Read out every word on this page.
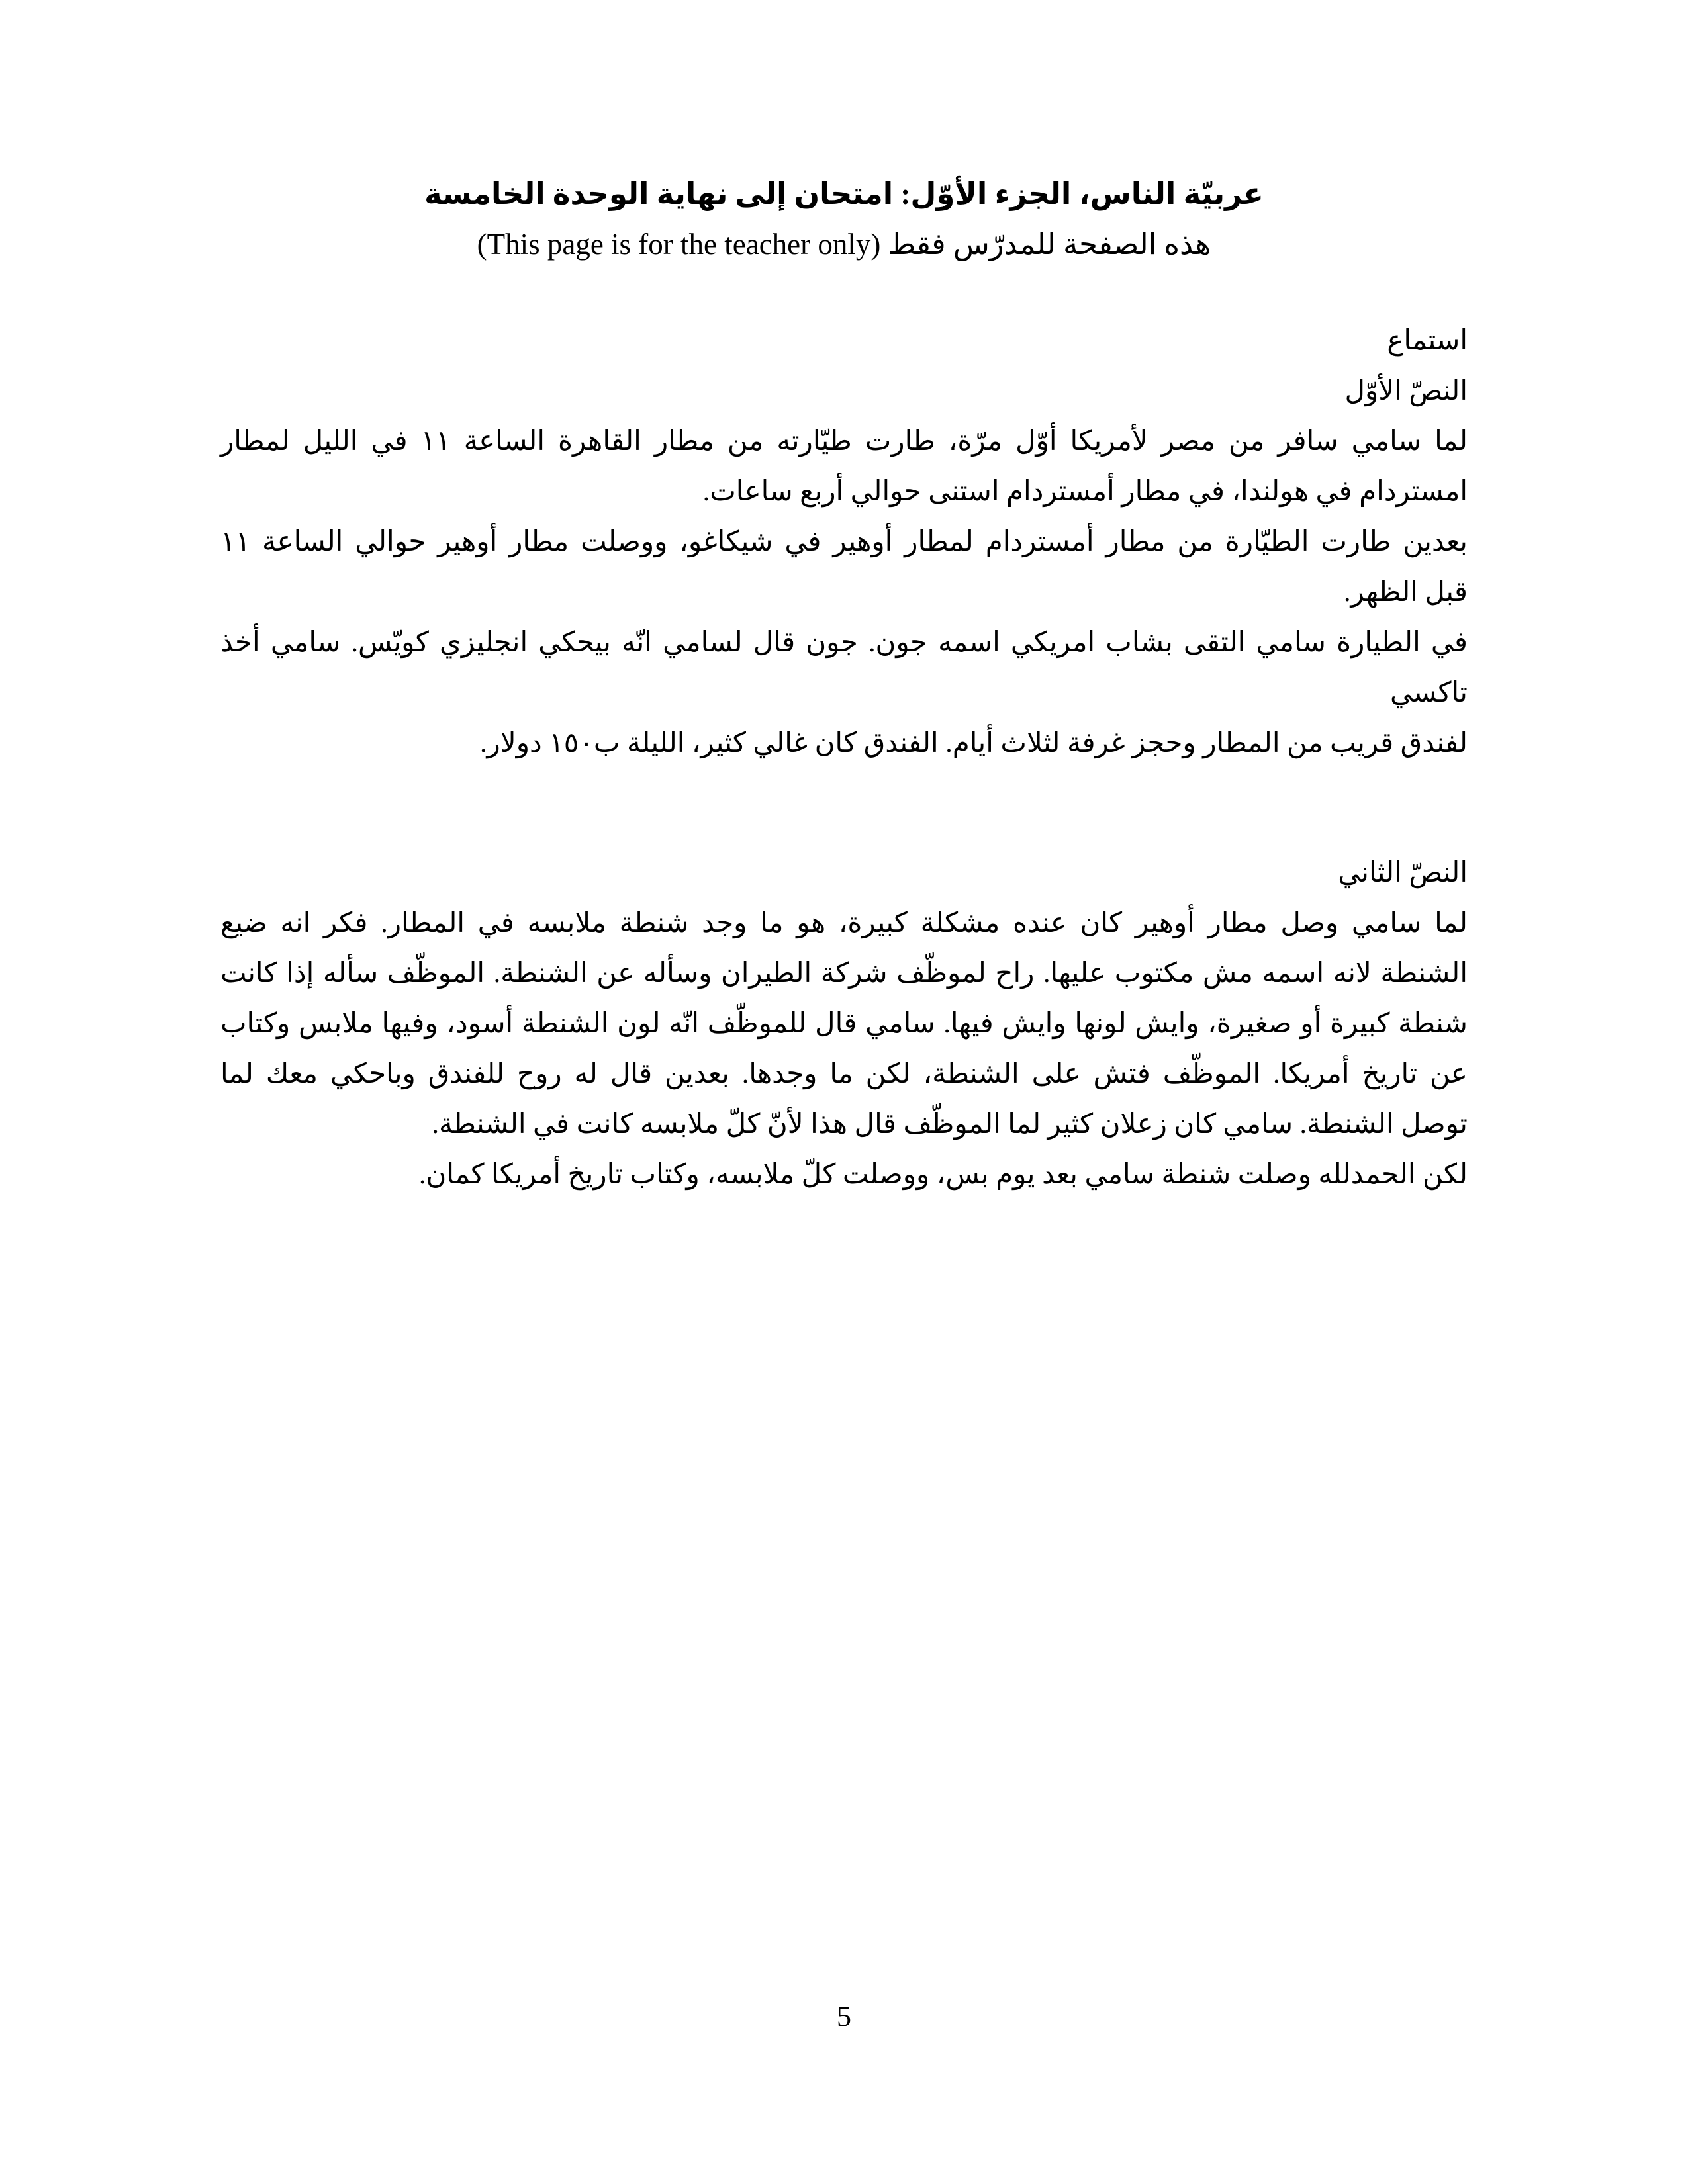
عربيّة الناس، الجزء الأوّل: امتحان إلى نهاية الوحدة الخامسة
هذه الصفحة للمدرّس فقط (This page is for the teacher only)
استماع
النصّ الأوّل
لما سامي سافر من مصر لأمريكا أوّل مرّة، طارت طيّارته من مطار القاهرة الساعة ١١ في الليل لمطار
امستردام في هولندا، في مطار أمستردام استنى حوالي أربع ساعات.
بعدين طارت الطيّارة من مطار أمستردام لمطار أوهير في شيكاغو، ووصلت مطار أوهير حوالي الساعة ١١
قبل الظهر.
في الطيارة سامي التقى بشاب امريكي اسمه جون. جون قال لسامي انّه بيحكي انجليزي كويّس. سامي أخذ تاكسي
لفندق قريب من المطار وحجز غرفة لثلاث أيام. الفندق كان غالي كثير، الليلة ب١٥٠ دولار.
النصّ الثاني
لما سامي وصل مطار أوهير كان عنده مشكلة كبيرة، هو ما وجد شنطة ملابسه في المطار. فكر انه ضيع
الشنطة لانه اسمه مش مكتوب عليها. راح لموظّف شركة الطيران وسأله عن الشنطة. الموظّف سأله إذا كانت
شنطة كبيرة أو صغيرة، وايش لونها وايش فيها. سامي قال للموظّف انّه لون الشنطة أسود، وفيها ملابس وكتاب
عن تاريخ أمريكا. الموظّف فتش على الشنطة، لكن ما وجدها. بعدين قال له روح للفندق وباحكي معك لما
توصل الشنطة. سامي كان زعلان كثير لما الموظّف قال هذا لأنّ كلّ ملابسه كانت في الشنطة.
لكن الحمدلله وصلت شنطة سامي بعد يوم بس، ووصلت كلّ ملابسه، وكتاب تاريخ أمريكا كمان.
5
